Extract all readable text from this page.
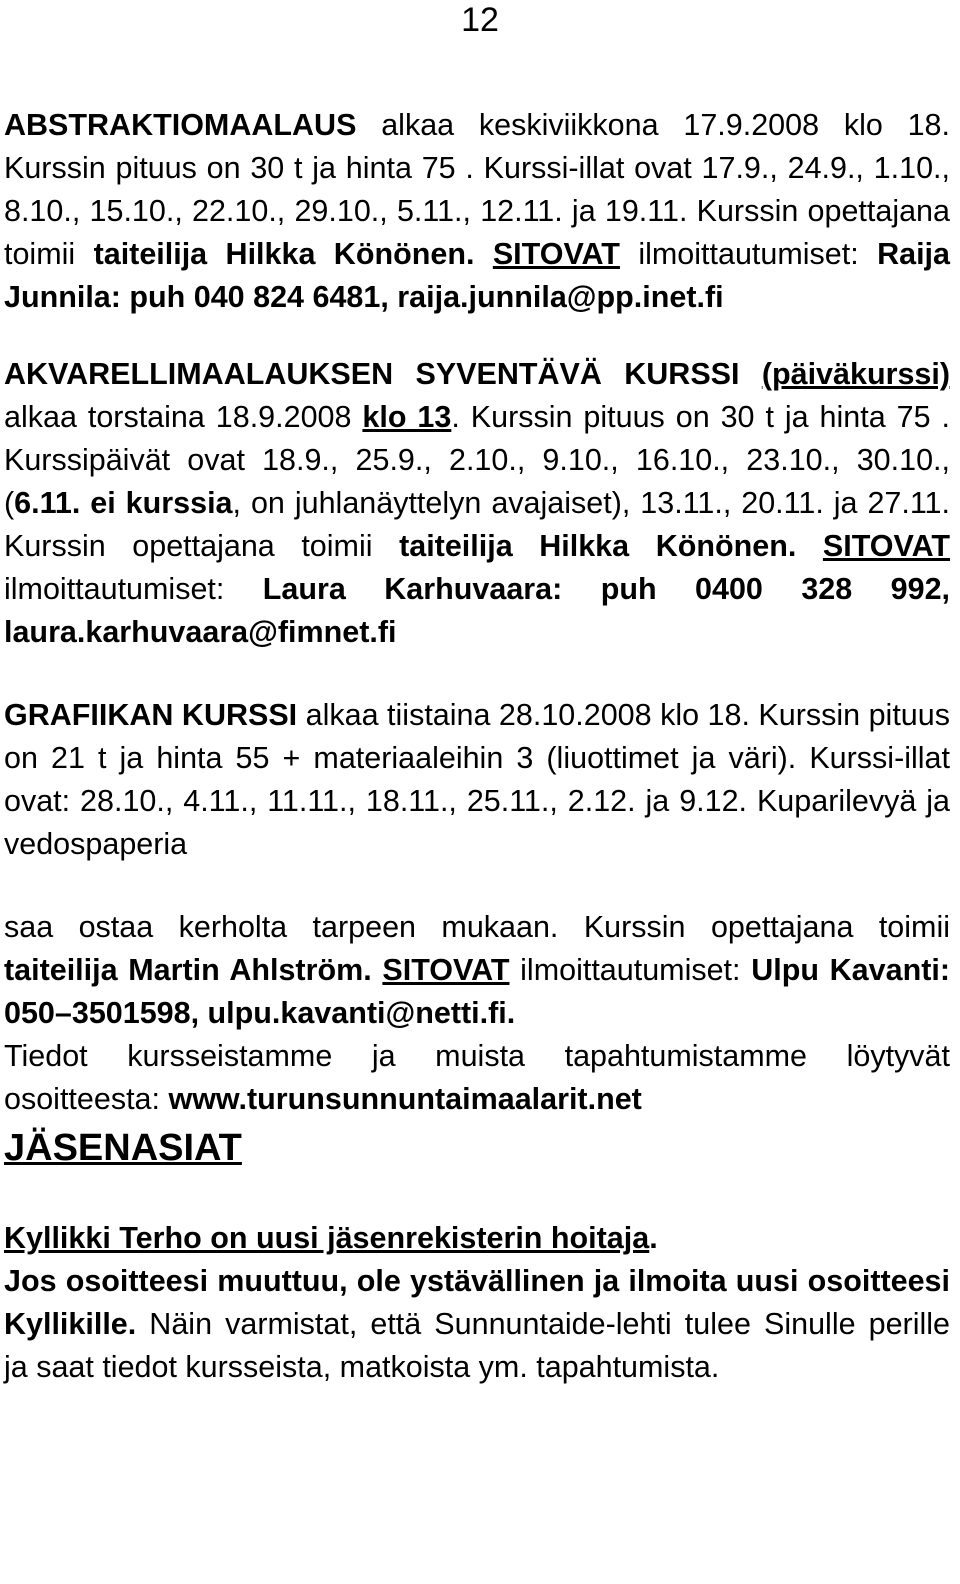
12

ABSTRAKTIOMAALAUS alkaa keskiviikkona 17.9.2008 klo 18. Kurssin pituus on 30 t ja hinta 75 . Kurssi-illat ovat 17.9., 24.9., 1.10., 8.10., 15.10., 22.10., 29.10., 5.11., 12.11. ja 19.11. Kurssin opettajana toimii taiteilija Hilkka Könönen. SITOVAT ilmoittautumiset: Raija Junnila: puh 040 824 6481, raija.junnila@pp.inet.fi

AKVARELLIMAALAUKSEN SYVENTÄVÄ KURSSI (päiväkurssi) alkaa torstaina 18.9.2008 klo 13. Kurssin pituus on 30 t ja hinta 75 . Kurssipäivät ovat 18.9., 25.9., 2.10., 9.10., 16.10., 23.10., 30.10., (6.11. ei kurssia, on juhlanäyttelyn avajaiset), 13.11., 20.11. ja 27.11. Kurssin opettajana toimii taiteilija Hilkka Könönen. SITOVAT ilmoittautumiset: Laura Karhuvaara: puh 0400 328 992, laura.karhuvaara@fimnet.fi

GRAFIIKAN KURSSI alkaa tiistaina 28.10.2008 klo 18. Kurssin pituus on 21 t ja hinta 55 + materiaaleihin 3 (liuottimet ja väri). Kurssi-illat ovat: 28.10., 4.11., 11.11., 18.11., 25.11., 2.12. ja 9.12. Kuparilevyä ja vedospaperia

saa ostaa kerholta tarpeen mukaan. Kurssin opettajana toimii taiteilija Martin Ahlström. SITOVAT ilmoittautumiset: Ulpu Kavanti: 050–3501598, ulpu.kavanti@netti.fi.

Tiedot kursseistamme ja muista tapahtumistamme löytyvät osoitteesta: www.turunsunnuntaimaalarit.net

JÄSENASIAT

Kyllikki Terho on uusi jäsenrekisterin hoitaja.

Jos osoitteesi muuttuu, ole ystävällinen ja ilmoita uusi osoitteesi Kyllikille. Näin varmistat, että Sunnuntaide-lehti tulee Sinulle perille ja saat tiedot kursseista, matkoista ym. tapahtumista.
